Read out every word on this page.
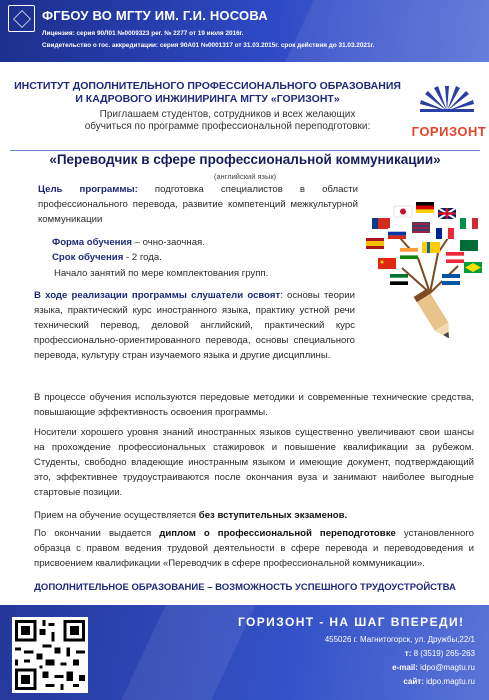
ФГБОУ ВО МГТУ ИМ. Г.И. НОСОВА
Лицензия: серия 90Л01 №0009323 рег. № 2277 от 19 июля 2016г.
Свидетельство о гос. аккредитации: серия 90А01 №0001317 от 31.03.2015г. срок действия до 31.03.2021г.
ИНСТИТУТ ДОПОЛНИТЕЛЬНОГО ПРОФЕССИОНАЛЬНОГО ОБРАЗОВАНИЯ
И КАДРОВОГО ИНЖИНИРИНГА МГТУ «ГОРИЗОНТ»
Приглашаем студентов, сотрудников и всех желающих
обучиться по программе профессиональной переподготовки:	ГОРИЗОНТ
«Переводчик в сфере профессиональной коммуникации»
(английский язык)
Цель программы: подготовка специалистов в области профессионального перевода, развитие компетенций межкультурной коммуникации
Форма обучения – очно-заочная.
Срок обучения - 2 года.
Начало занятий по мере комплектования групп.
В ходе реализации программы слушатели освоят: основы теории языка, практический курс иностранного языка, практику устной речи технический перевод, деловой английский, практический курс профессионально-ориентированного перевода, основы специального перевода, культуру стран изучаемого языка и другие дисциплины.
В процессе обучения используются передовые методики и современные технические средства, повышающие эффективность освоения программы.
Носители хорошего уровня знаний иностранных языков существенно увеличивают свои шансы на прохождение профессиональных стажировок и повышение квалификации за рубежом. Студенты, свободно владеющие иностранным языком и имеющие документ, подтверждающий это, эффективнее трудоустраиваются после окончания вуза и занимают наиболее выгодные стартовые позиции.
Прием на обучение осуществляется без вступительных экзаменов.
По окончании выдается диплом о профессиональной переподготовке установленного образца с правом ведения трудовой деятельности в сфере перевода и переводоведения и присвоением квалификации «Переводчик в сфере профессиональной коммуникации».
ДОПОЛНИТЕЛЬНОЕ ОБРАЗОВАНИЕ – ВОЗМОЖНОСТЬ УСПЕШНОГО ТРУДОУСТРОЙСТВА
ГОРИЗОНТ - НА ШАГ ВПЕРЕДИ!
455026 г. Магнитогорск, ул. Дружбы,22/1
т: 8 (3519) 265-263
e-mail: idpo@magtu.ru
сайт: idpo.magtu.ru
